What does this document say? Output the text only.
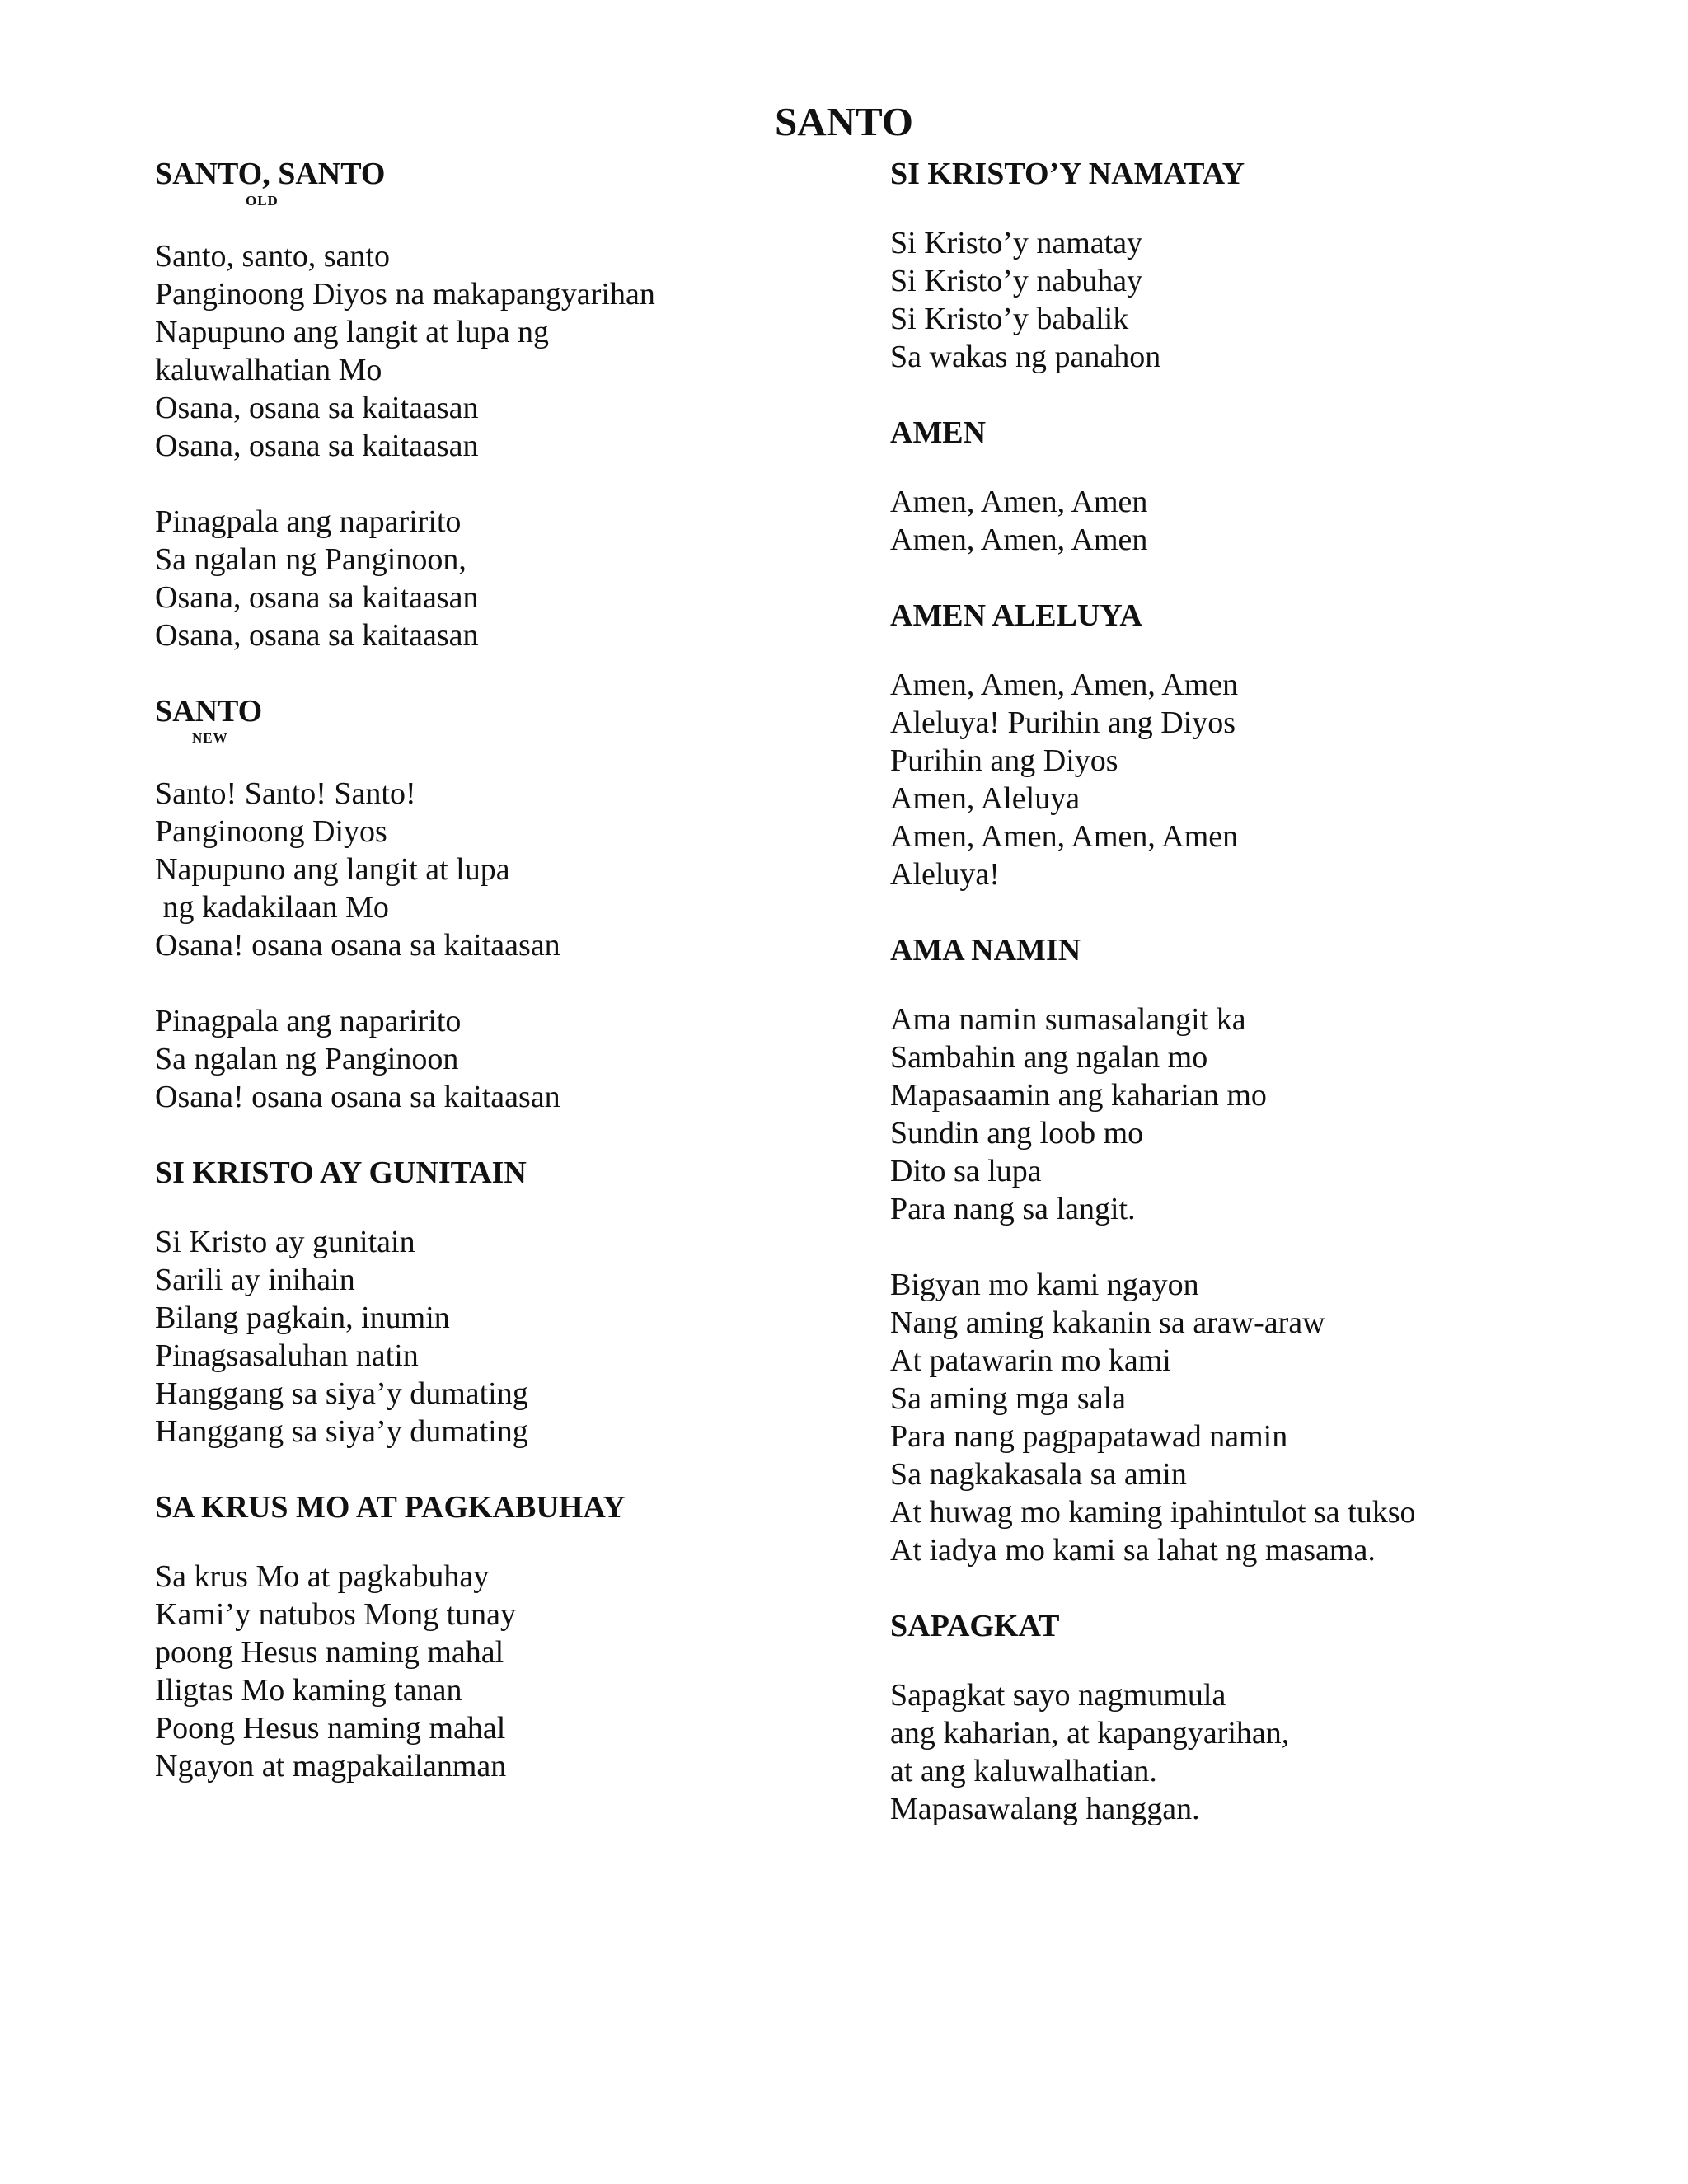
SANTO
SANTO, SANTO

OLD

Santo, santo, santo

Panginoong Diyos na makapangyarihan

Napupuno ang langit at lupa ng

kaluwalhatian Mo

Osana, osana sa kaitaasan

Osana, osana sa kaitaasan

Pinagpala ang naparirito

Sa ngalan ng Panginoon,

Osana, osana sa kaitaasan

Osana, osana sa kaitaasan

SANTO

NEW

Santo! Santo! Santo!

Panginoong Diyos

Napupuno ang langit at lupa

ng kadakilaan Mo

Osana! osana osana sa kaitaasan

Pinagpala ang naparirito

Sa ngalan ng Panginoon

Osana! osana osana sa kaitaasan

SI KRISTO AY GUNITAIN

Si Kristo ay gunitain

Sarili ay inihain

Bilang pagkain, inumin

Pinagsasaluhan natin

Hanggang sa siya’y dumating

Hanggang sa siya’y dumating

SA KRUS MO AT PAGKABUHAY

Sa krus Mo at pagkabuhay

Kami’y natubos Mong tunay

poong Hesus naming mahal

Iligtas Mo kaming tanan

Poong Hesus naming mahal

Ngayon at magpakailanman

SI KRISTO’Y NAMATAY

Si Kristo’y namatay

Si Kristo’y nabuhay

Si Kristo’y babalik

Sa wakas ng panahon

AMEN

Amen, Amen, Amen

Amen, Amen, Amen

AMEN ALELUYA

Amen, Amen, Amen, Amen

Aleluya! Purihin ang Diyos

Purihin ang Diyos

Amen, Aleluya

Amen, Amen, Amen, Amen

Aleluya!

AMA NAMIN

Ama namin sumasalangit ka

Sambahin ang ngalan mo

Mapasaamin ang kaharian mo

Sundin ang loob mo

Dito sa lupa

Para nang sa langit.

Bigyan mo kami ngayon

Nang aming kakanin sa araw-araw

At patawarin mo kami

Sa aming mga sala

Para nang pagpapatawad namin

Sa nagkakasala sa amin

At huwag mo kaming ipahintulot sa tukso

At iadya mo kami sa lahat ng masama.

SAPAGKAT

Sapagkat sayo nagmumula

ang kaharian, at kapangyarihan,

at ang kaluwalhatian.

Mapasawalang hanggan.
